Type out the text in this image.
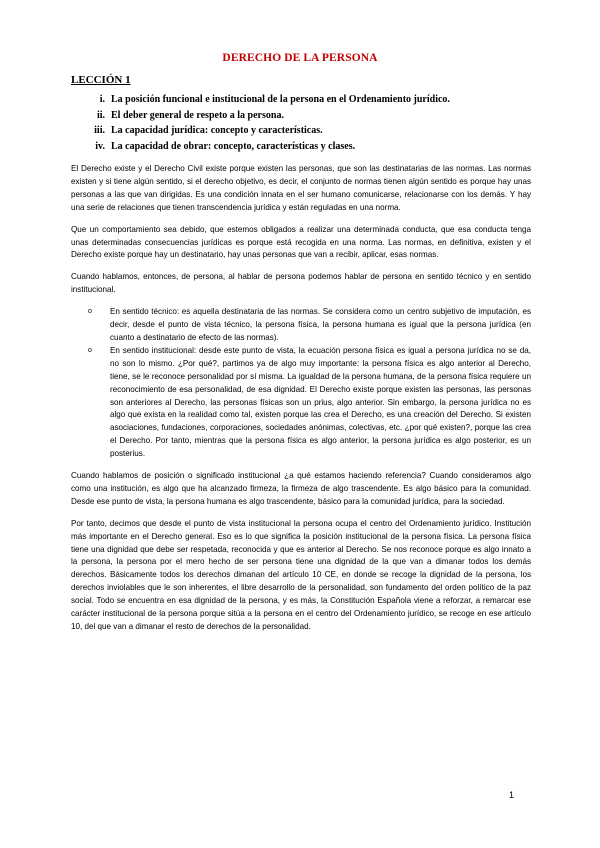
DERECHO DE LA PERSONA
LECCIÓN 1
i. La posición funcional e institucional de la persona en el Ordenamiento jurídico.
ii. El deber general de respeto a la persona.
iii. La capacidad jurídica: concepto y características.
iv. La capacidad de obrar: concepto, características y clases.

El Derecho existe y el Derecho Civil existe porque existen las personas, que son las destinatarias de las normas. Las normas existen y si tiene algún sentido, si el derecho objetivo, es decir, el conjunto de normas tienen algún sentido es porque hay unas personas a las que van dirigidas. Es una condición innata en el ser humano comunicarse, relacionarse con los demás. Y hay una serie de relaciones que tienen transcendencia jurídica y están reguladas en una norma.

Que un comportamiento sea debido, que estemos obligados a realizar una determinada conducta, que esa conducta tenga unas determinadas consecuencias jurídicas es porque está recogida en una norma. Las normas, en definitiva, existen y el Derecho existe porque hay un destinatario, hay unas personas que van a recibir, aplicar, esas normas.

Cuando hablamos, entonces, de persona, al hablar de persona podemos hablar de persona en sentido técnico y en sentido institucional.

o En sentido técnico: es aquella destinataria de las normas. Se considera como un centro subjetivo de imputación, es decir, desde el punto de vista técnico, la persona física, la persona humana es igual que la persona jurídica (en cuanto a destinatario de efecto de las normas).
o En sentido institucional: desde este punto de vista, la ecuación persona física es igual a persona jurídica no se da, no son lo mismo. ¿Por qué?, partimos ya de algo muy importante: la persona física es algo anterior al Derecho, tiene, se le reconoce personalidad por sí misma. La igualdad de la persona humana, de la persona física requiere un reconocimiento de esa personalidad, de esa dignidad. El Derecho existe porque existen las personas, las personas son anteriores al Derecho, las personas físicas son un prius, algo anterior. Sin embargo, la persona jurídica no es algo que exista en la realidad como tal, existen porque las crea el Derecho, es una creación del Derecho. Si existen asociaciones, fundaciones, corporaciones, sociedades anónimas, colectivas, etc. ¿por qué existen?, porque las crea el Derecho. Por tanto, mientras que la persona física es algo anterior, la persona jurídica es algo posterior, es un posterius.

Cuando hablamos de posición o significado institucional ¿a qué estamos haciendo referencia? Cuando consideramos algo como una institución, es algo que ha alcanzado firmeza, la firmeza de algo trascendente. Es algo básico para la comunidad. Desde ese punto de vista, la persona humana es algo trascendente, básico para la comunidad jurídica, para la sociedad.

Por tanto, decimos que desde el punto de vista institucional la persona ocupa el centro del Ordenamiento jurídico. Institución más importante en el Derecho general. Eso es lo que significa la posición institucional de la persona física. La persona física tiene una dignidad que debe ser respetada, reconocida y que es anterior al Derecho. Se nos reconoce porque es algo innato a la persona, la persona por el mero hecho de ser persona tiene una dignidad de la que van a dimanar todos los demás derechos. Básicamente todos los derechos dimanan del artículo 10 CE, en donde se recoge la dignidad de la persona, los derechos inviolables que le son inherentes, el libre desarrollo de la personalidad, son fundamento del orden político de la paz social. Todo se encuentra en esa dignidad de la persona, y es más, la Constitución Española viene a reforzar, a remarcar ese carácter institucional de la persona porque sitúa a la persona en el centro del Ordenamiento jurídico, se recoge en ese artículo 10, del que van a dimanar el resto de derechos de la personalidad.

1
